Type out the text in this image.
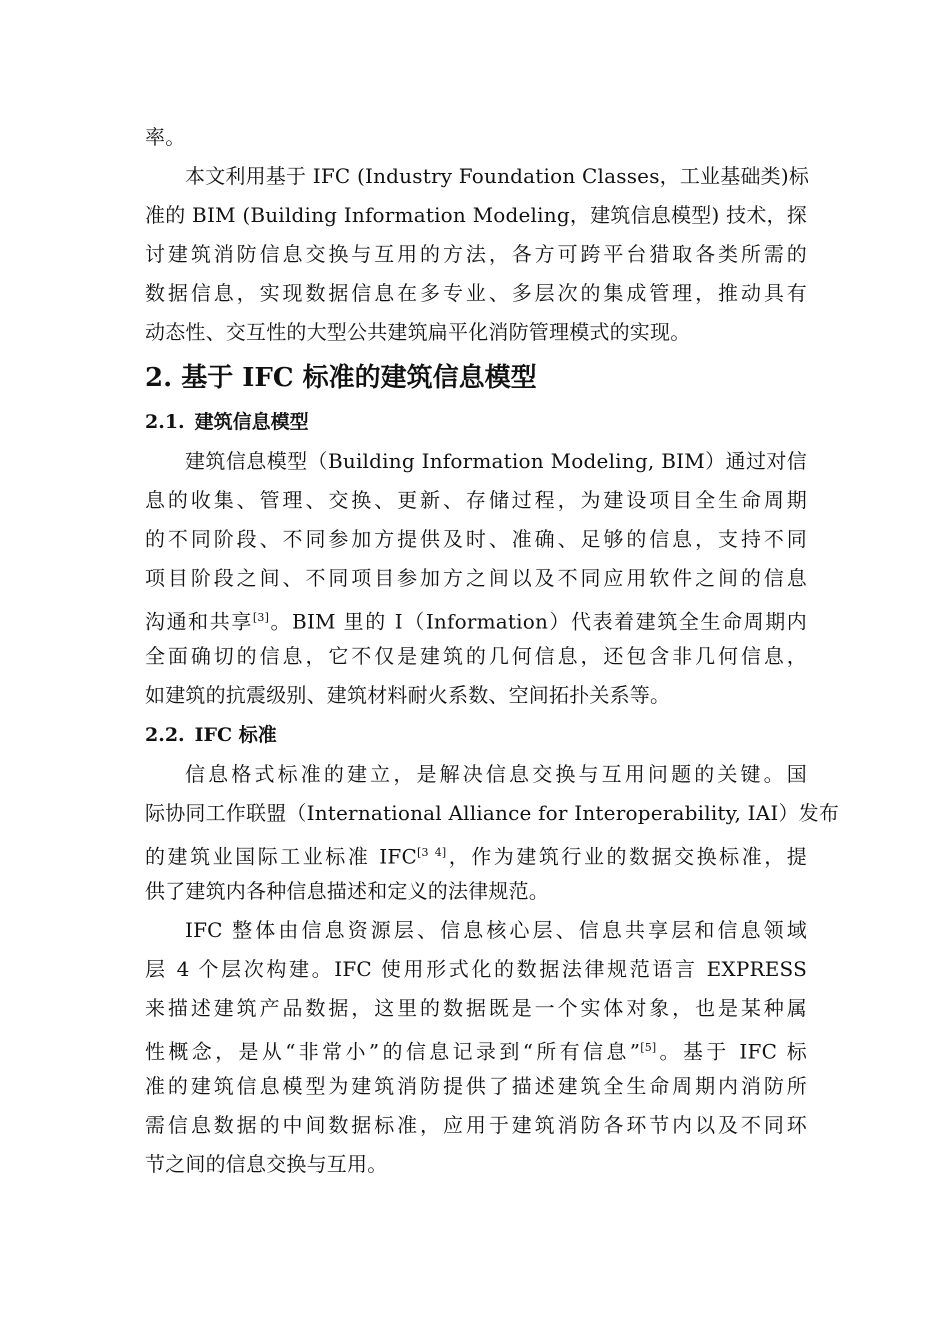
率。
本文利用基于 IFC (Industry Foundation Classes，工业基础类)标
准的 BIM (Building Information Modeling，建筑信息模型) 技术，探
讨建筑消防信息交换与互用的方法，各方可跨平台猎取各类所需的
数据信息，实现数据信息在多专业、多层次的集成管理，推动具有
动态性、交互性的大型公共建筑扁平化消防管理模式的实现。
2. 基于 IFC 标准的建筑信息模型
2.1. 建筑信息模型
建筑信息模型（Building Information Modeling, BIM）通过对信
息的收集、管理、交换、更新、存储过程，为建设项目全生命周期
的不同阶段、不同参加方提供及时、准确、足够的信息，支持不同
项目阶段之间、不同项目参加方之间以及不同应用软件之间的信息
沟通和共享[3]。BIM 里的 I（Information）代表着建筑全生命周期内
全面确切的信息，它不仅是建筑的几何信息，还包含非几何信息，
如建筑的抗震级别、建筑材料耐火系数、空间拓扑关系等。
2.2. IFC 标准
信息格式标准的建立，是解决信息交换与互用问题的关键。国
际协同工作联盟（International Alliance for Interoperability, IAI）发布
的建筑业国际工业标准 IFC[3 4]，作为建筑行业的数据交换标准，提
供了建筑内各种信息描述和定义的法律规范。
IFC 整体由信息资源层、信息核心层、信息共享层和信息领域
层 4 个层次构建。IFC 使用形式化的数据法律规范语言 EXPRESS
来描述建筑产品数据，这里的数据既是一个实体对象，也是某种属
性概念，是从“非常小”的信息记录到“所有信息”[5]。基于 IFC 标
准的建筑信息模型为建筑消防提供了描述建筑全生命周期内消防所
需信息数据的中间数据标准，应用于建筑消防各环节内以及不同环
节之间的信息交换与互用。
